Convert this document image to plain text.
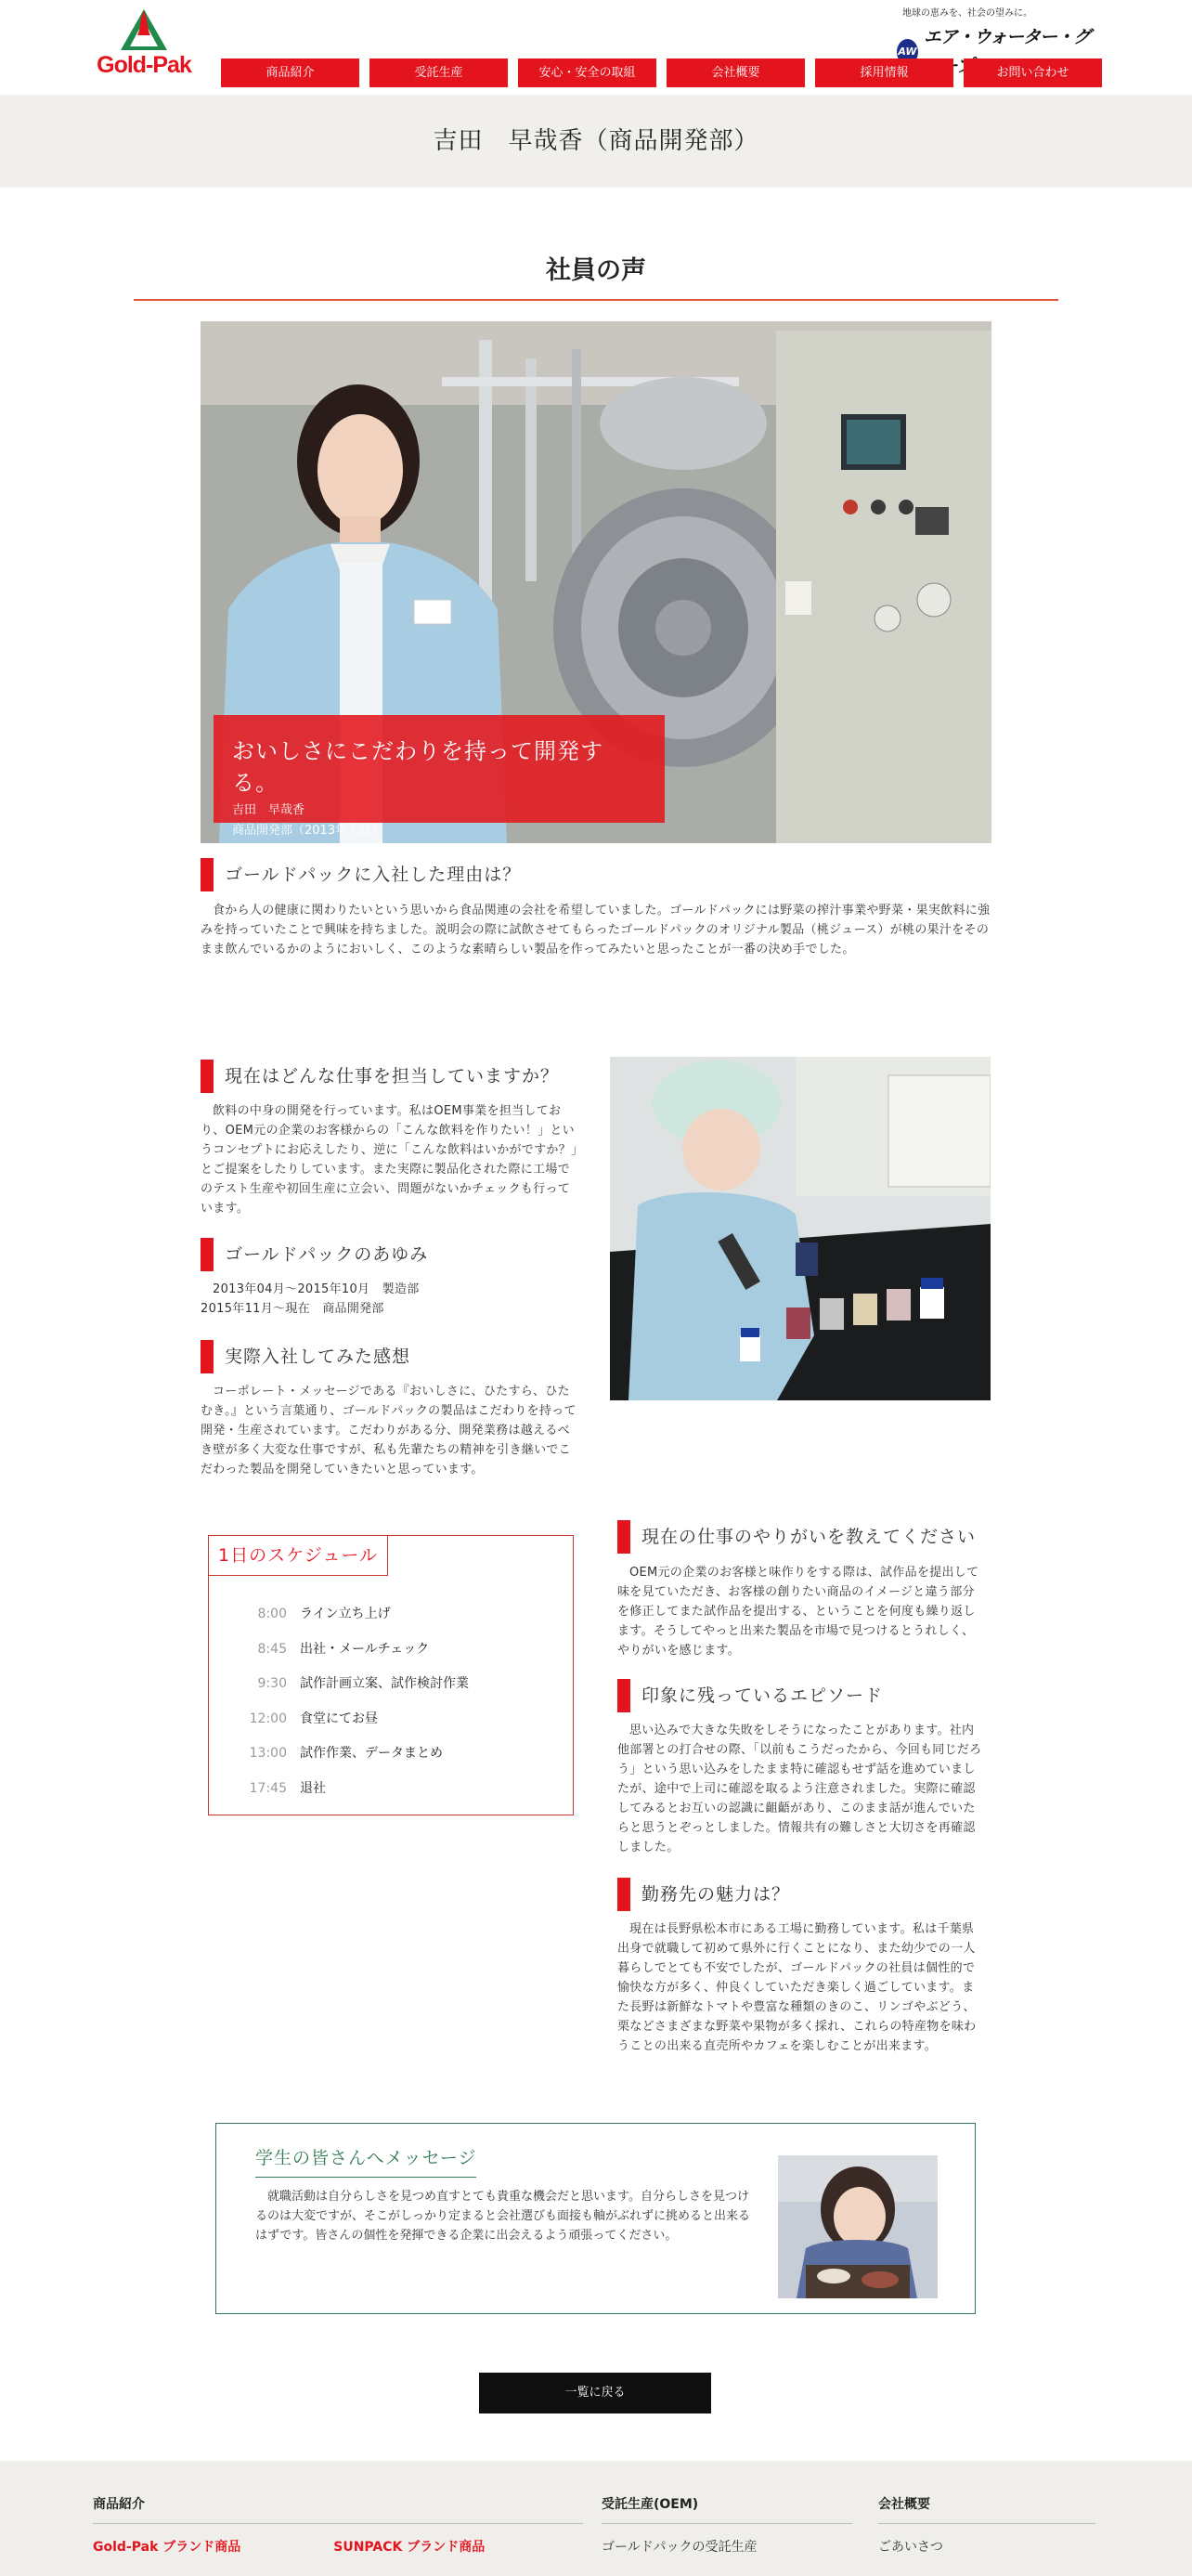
Gold-Pak
地球の恵みを、社会の望みに。
AW
エア・ウォーター・グ ープ
商品紹介	受託生産	安心・安全の取組	会社概要	採用情報	お問い合わせ
吉田　早哉香（商品開発部）
社員の声
おいしさにこだわりを持って開発する。
吉田　早哉香
商品開発部（2013年入社）
ゴールドパックに入社した理由は？

食から人の健康に関わりたいという思いから食品関連の会社を希望していました。ゴールドパックには野菜の搾汁事業や野菜・果実飲料に強みを持っていたことで興味を持ちました。説明会の際に試飲させてもらったゴールドパックのオリジナル製品（桃ジュース）が桃の果汁をそのまま飲んでいるかのようにおいしく、このような素晴らしい製品を作ってみたいと思ったことが一番の決め手でした。

現在はどんな仕事を担当していますか？

飲料の中身の開発を行っています。私はOEM事業を担当しており、OEM元の企業のお客様からの「こんな飲料を作りたい！」というコンセプトにお応えしたり、逆に「こんな飲料はいかがですか？」とご提案をしたりしています。また実際に製品化された際に工場でのテスト生産や初回生産に立会い、問題がないかチェックも行っています。

ゴールドパックのあゆみ

2013年04月～2015年10月　製造部

2015年11月～現在　商品開発部

実際入社してみた感想

コーポレート・メッセージである『おいしさに、ひたすら、ひたむき。』という言葉通り、ゴールドパックの製品はこだわりを持って開発・生産されています。こだわりがある分、開発業務は越えるべき壁が多く大変な仕事ですが、私も先輩たちの精神を引き継いでこだわった製品を開発していきたいと思っています。

1日のスケジュール
8:00	ライン立ち上げ
8:45	出社・メールチェック
9:30	試作計画立案、試作検討作業
12:00	食堂にてお昼
13:00	試作作業、データまとめ
17:45	退社
現在の仕事のやりがいを教えてください

OEM元の企業のお客様と味作りをする際は、試作品を提出して味を見ていただき、お客様の創りたい商品のイメージと違う部分を修正してまた試作品を提出する、ということを何度も繰り返します。そうしてやっと出来た製品を市場で見つけるとうれしく、やりがいを感じます。

印象に残っているエピソード

思い込みで大きな失敗をしそうになったことがあります。社内他部署との打合せの際、「以前もこうだったから、今回も同じだろう」という思い込みをしたまま特に確認もせず話を進めていましたが、途中で上司に確認を取るよう注意されました。実際に確認してみるとお互いの認識に齟齬があり、このまま話が進んでいたらと思うとぞっとしました。情報共有の難しさと大切さを再確認しました。

勤務先の魅力は？

現在は長野県松本市にある工場に勤務しています。私は千葉県出身で就職して初めて県外に行くことになり、また幼少での一人暮らしでとても不安でしたが、ゴールドパックの社員は個性的で愉快な方が多く、仲良くしていただき楽しく過ごしています。また長野は新鮮なトマトや豊富な種類のきのこ、リンゴやぶどう、栗などさまざまな野菜や果物が多く採れ、これらの特産物を味わうことの出来る直売所やカフェを楽しむことが出来ます。

学生の皆さんへメッセージ

就職活動は自分らしさを見つめ直すとても貴重な機会だと思います。自分らしさを見つけるのは大変ですが、そこがしっかり定まると会社選びも面接も軸がぶれずに挑めると出来るはずです。皆さんの個性を発揮できる企業に出会えるよう頑張ってください。

一覧に戻る
商品紹介
Gold-Pak ブランド商品	SUNPACK ブランド商品
受託生産(OEM)
ゴールドパックの受託生産
会社概要
ごあいさつ
